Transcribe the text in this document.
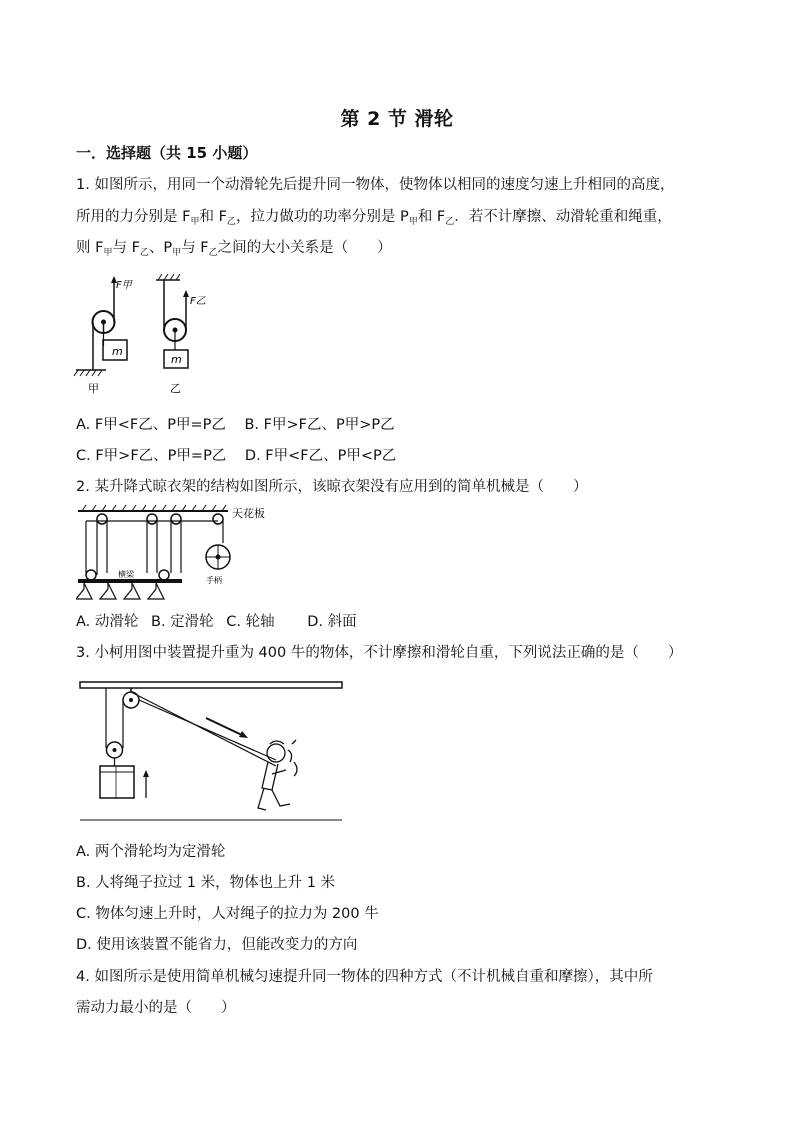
第 2 节 滑轮
一．选择题（共 15 小题）
1. 如图所示，用同一个动滑轮先后提升同一物体，使物体以相同的速度匀速上升相同的高度，
所用的力分别是 $F_甲$和 $F_乙$，拉力做功的功率分别是 $P_甲$和 $F_乙$．若不计摩擦、动滑轮重和绳重，
则 $F_甲$与 $F_乙$、$P_甲$与 $F_乙$之间的大小关系是（　　）
m
F甲
甲
m
F乙
乙
A. F甲<F乙、P甲=P乙 B. F甲>F乙、P甲>P乙
C. F甲>F乙、P甲=P乙 D. F甲<F乙、P甲<P乙
2. 某升降式晾衣架的结构如图所示，该晾衣架没有应用到的简单机械是（　　）
天花板
手柄
横梁
A. 动滑轮 B. 定滑轮 C. 轮轴 D. 斜面
3. 小柯用图中装置提升重为 400 牛的物体，不计摩擦和滑轮自重，下列说法正确的是（　　）
A. 两个滑轮均为定滑轮
B. 人将绳子拉过 1 米，物体也上升 1 米
C. 物体匀速上升时，人对绳子的拉力为 200 牛
D. 使用该装置不能省力，但能改变力的方向
4. 如图所示是使用简单机械匀速提升同一物体的四种方式（不计机械自重和摩擦），其中所
需动力最小的是（　　）
